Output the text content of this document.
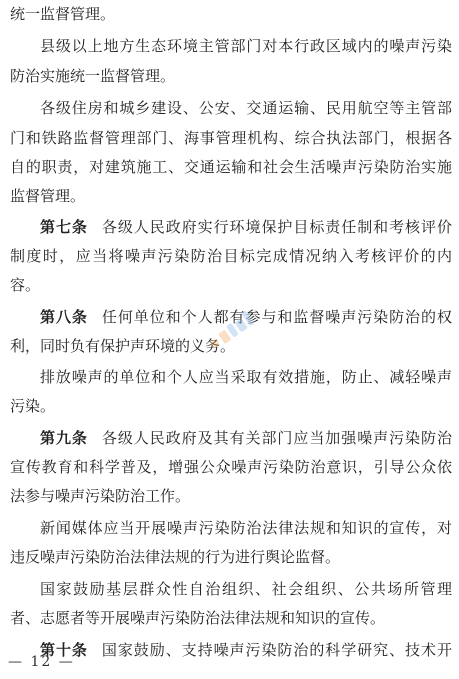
统一监督管理。
县级以上地方生态环境主管部门对本行政区域内的噪声污染
防治实施统一监督管理。
各级住房和城乡建设、公安、交通运输、民用航空等主管部
门和铁路监督管理部门、海事管理机构、综合执法部门，根据各
自的职责，对建筑施工、交通运输和社会生活噪声污染防治实施
监督管理。
第七条 各级人民政府实行环境保护目标责任制和考核评价
制度时，应当将噪声污染防治目标完成情况纳入考核评价的内
容。
第八条 任何单位和个人都有参与和监督噪声污染防治的权
利，同时负有保护声环境的义务。
排放噪声的单位和个人应当采取有效措施，防止、减轻噪声
污染。
第九条 各级人民政府及其有关部门应当加强噪声污染防治
宣传教育和科学普及，增强公众噪声污染防治意识，引导公众依
法参与噪声污染防治工作。
新闻媒体应当开展噪声污染防治法律法规和知识的宣传，对
违反噪声污染防治法律法规的行为进行舆论监督。
国家鼓励基层群众性自治组织、社会组织、公共场所管理
者、志愿者等开展噪声污染防治法律法规和知识的宣传。
第十条 国家鼓励、支持噪声污染防治的科学研究、技术开
— 12 —
